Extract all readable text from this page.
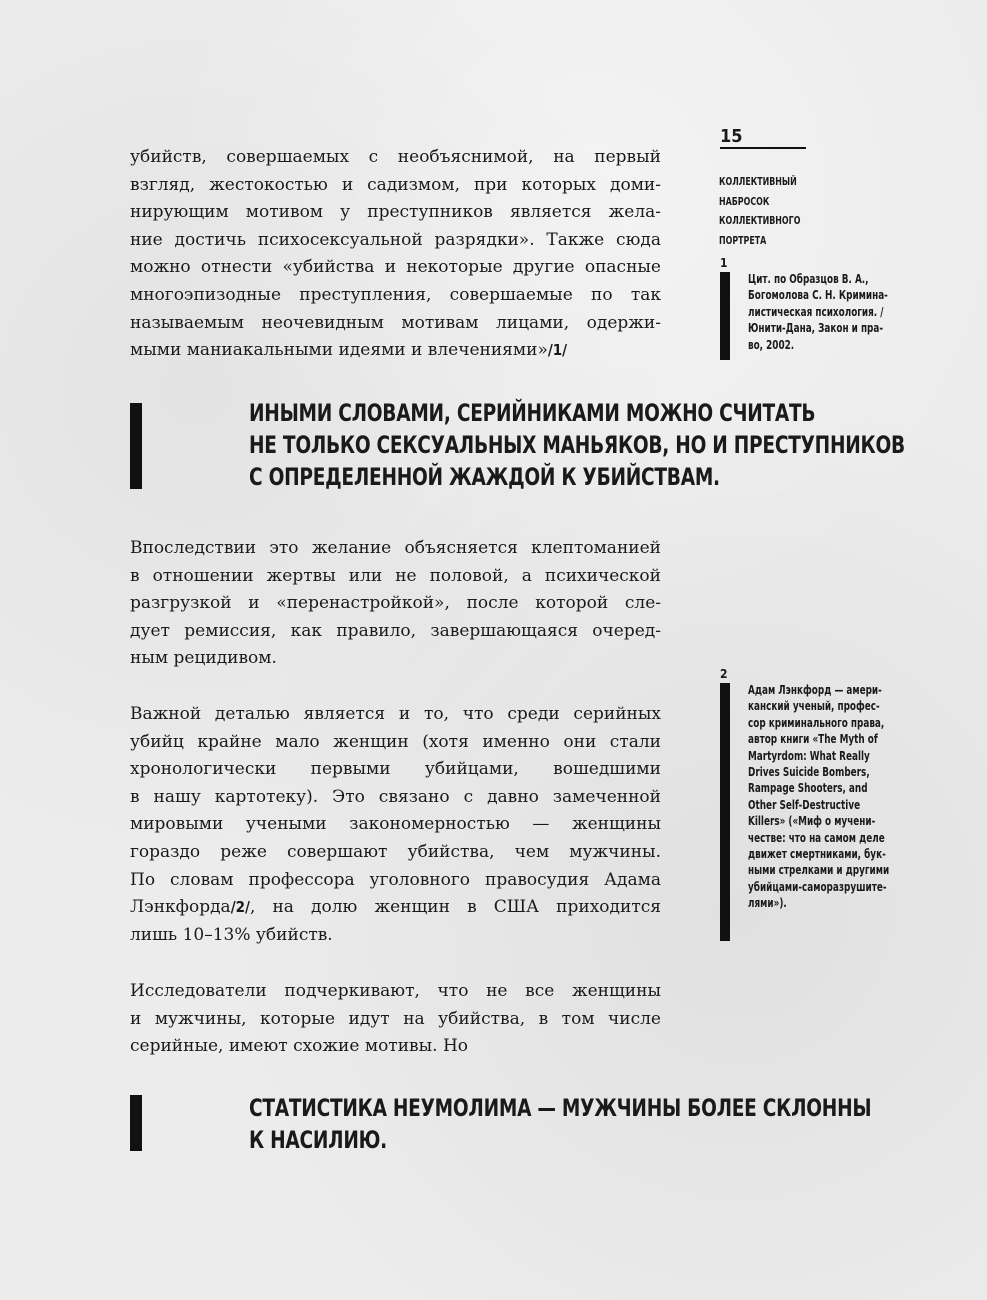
15
КОЛЛЕКТИВНЫЙ
НАБРОСОК
КОЛЛЕКТИВНОГО
ПОРТРЕТА
1
Цит. по Образцов В. А.,
Богомолова С. Н. Кримина-
листическая психология. /
Юнити-Дана, Закон и пра-
во, 2002.
убийств, совершаемых с необъяснимой, на первый
взгляд, жестокостью и садизмом, при которых доми-
нирующим мотивом у преступников является жела-
ние достичь психосексуальной разрядки». Также сюда
можно отнести «убийства и некоторые другие опасные
многоэпизодные преступления, совершаемые по так
называемым неочевидным мотивам лицами, одержи-
мыми маниакальными идеями и влечениями»/1/
ИНЫМИ СЛОВАМИ, СЕРИЙНИКАМИ МОЖНО СЧИТАТЬ
НЕ ТОЛЬКО СЕКСУАЛЬНЫХ МАНЬЯКОВ, НО И ПРЕСТУПНИКОВ
С ОПРЕДЕЛЕННОЙ ЖАЖДОЙ К УБИЙСТВАМ.
Впоследствии это желание объясняется клептоманией
в отношении жертвы или не половой, а психической
разгрузкой и «перенастройкой», после которой сле-
дует ремиссия, как правило, завершающаяся очеред-
ным рецидивом.
2
Адам Лэнкфорд — амери-
канский ученый, профес-
сор криминального права,
автор книги «The Myth of
Martyrdom: What Really
Drives Suicide Bombers,
Rampage Shooters, and
Other Self-Destructive
Killers» («Миф о мучени-
честве: что на самом деле
движет смертниками, бук-
ными стрелками и другими
убийцами-саморазрушите-
лями»).
Важной деталью является и то, что среди серийных
убийц крайне мало женщин (хотя именно они стали
хронологически первыми убийцами, вошедшими
в нашу картотеку). Это связано с давно замеченной
мировыми учеными закономерностью — женщины
гораздо реже совершают убийства, чем мужчины.
По словам профессора уголовного правосудия Адама
Лэнкфорда/2/, на долю женщин в США приходится
лишь 10–13% убийств.
Исследователи подчеркивают, что не все женщины
и мужчины, которые идут на убийства, в том числе
серийные, имеют схожие мотивы. Но
СТАТИСТИКА НЕУМОЛИМА — МУЖЧИНЫ БОЛЕЕ СКЛОННЫ
К НАСИЛИЮ.
